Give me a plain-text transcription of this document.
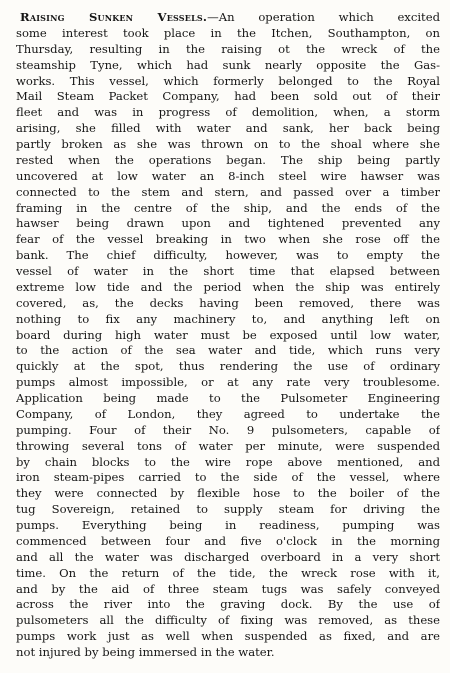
Raising Sunken Vessels.—An operation which excited
some interest took place in the Itchen, Southampton, on
Thursday, resulting in the raising ot the wreck of the
steamship Tyne, which had sunk nearly opposite the Gas-
works. This vessel, which formerly belonged to the Royal
Mail Steam Packet Company, had been sold out of their
fleet and was in progress of demolition, when, a storm
arising, she filled with water and sank, her back being
partly broken as she was thrown on to the shoal where she
rested when the operations began. The ship being partly
uncovered at low water an 8-inch steel wire hawser was
connected to the stem and stern, and passed over a timber
framing in the centre of the ship, and the ends of the
hawser being drawn upon and tightened prevented any
fear of the vessel breaking in two when she rose off the
bank. The chief difficulty, however, was to empty the
vessel of water in the short time that elapsed between
extreme low tide and the period when the ship was entirely
covered, as, the decks having been removed, there was
nothing to fix any machinery to, and anything left on
board during high water must be exposed until low water,
to the action of the sea water and tide, which runs very
quickly at the spot, thus rendering the use of ordinary
pumps almost impossible, or at any rate very troublesome.
Application being made to the Pulsometer Engineering
Company, of London, they agreed to undertake the
pumping. Four of their No. 9 pulsometers, capable of
throwing several tons of water per minute, were suspended
by chain blocks to the wire rope above mentioned, and
iron steam-pipes carried to the side of the vessel, where
they were connected by flexible hose to the boiler of the
tug Sovereign, retained to supply steam for driving the
pumps. Everything being in readiness, pumping was
commenced between four and five o'clock in the morning
and all the water was discharged overboard in a very short
time. On the return of the tide, the wreck rose with it,
and by the aid of three steam tugs was safely conveyed
across the river into the graving dock. By the use of
pulsometers all the difficulty of fixing was removed, as these
pumps work just as well when suspended as fixed, and are
not injured by being immersed in the water.
